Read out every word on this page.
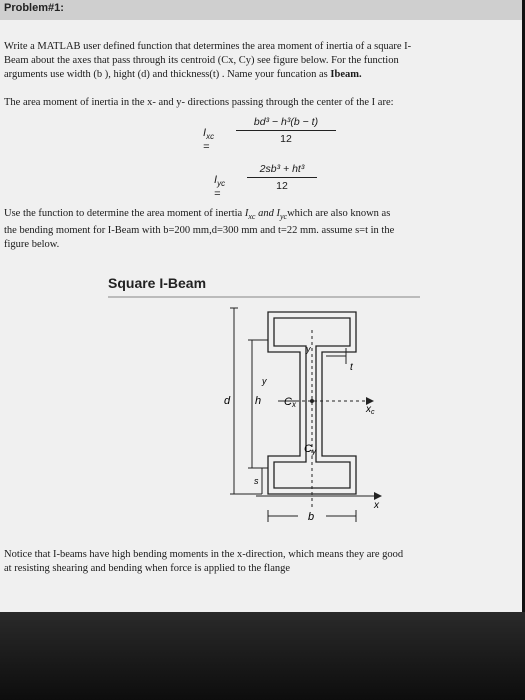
Problem#1:

Write a MATLAB user defined function that determines the area moment of inertia of a square I-
Beam about the axes that pass through its centroid (Cx, Cy) see figure below. For the function
arguments use width (b ), hight (d) and thickness(t) . Name your funcation as Ibeam.

The area moment of inertia in the x- and y- directions passing through the center of the I are:

$I_{xc}$ =
bd³ − h³(b − t)
12
$I_{yc}$ =
2sb³ + ht³
12

Use the function to determine the area moment of inertia $I_{xc}$ and $I_{yc}which$ are also known as
the bending moment for I-Beam with b=200 mm,d=300 mm and t=22 mm. assume s=t in the
figure below.

Square I-Beam
d h
y
y
Cx	$x_c$
Cy
t
s
x
b

Notice that I-beams have high bending moments in the x-direction, which means they are good
at resisting shearing and bending when force is applied to the flange
